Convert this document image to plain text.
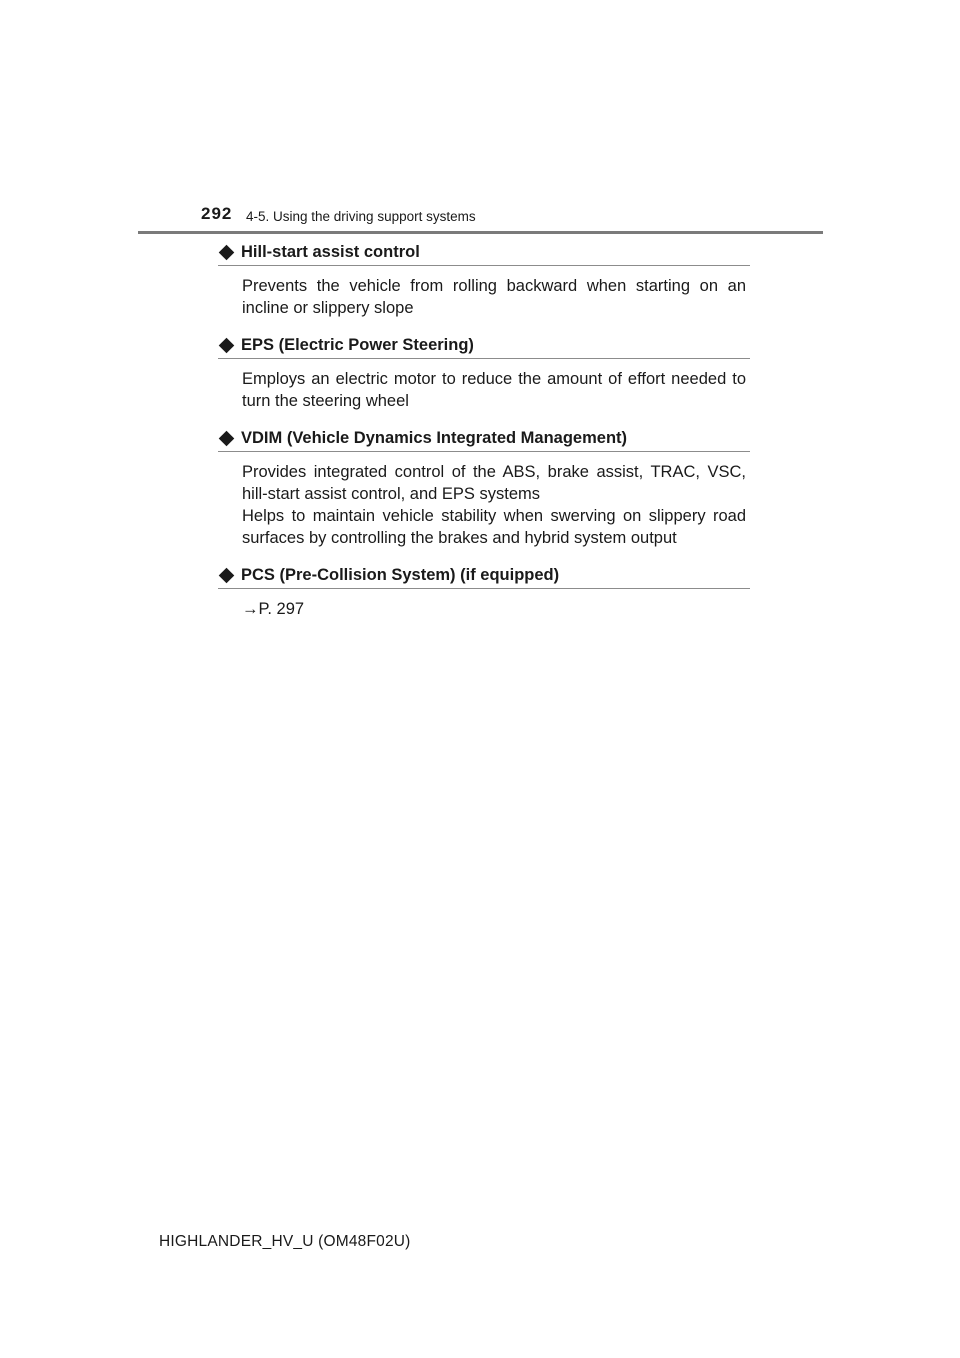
292 4-5. Using the driving support systems
Hill-start assist control

Prevents the vehicle from rolling backward when starting on an incline or slippery slope

EPS (Electric Power Steering)

Employs an electric motor to reduce the amount of effort needed to turn the steering wheel

VDIM (Vehicle Dynamics Integrated Management)

Provides integrated control of the ABS, brake assist, TRAC, VSC, hill-start assist control, and EPS systems

Helps to maintain vehicle stability when swerving on slippery road surfaces by controlling the brakes and hybrid system output

PCS (Pre-Collision System) (if equipped)
→P. 297
HIGHLANDER_HV_U (OM48F02U)
